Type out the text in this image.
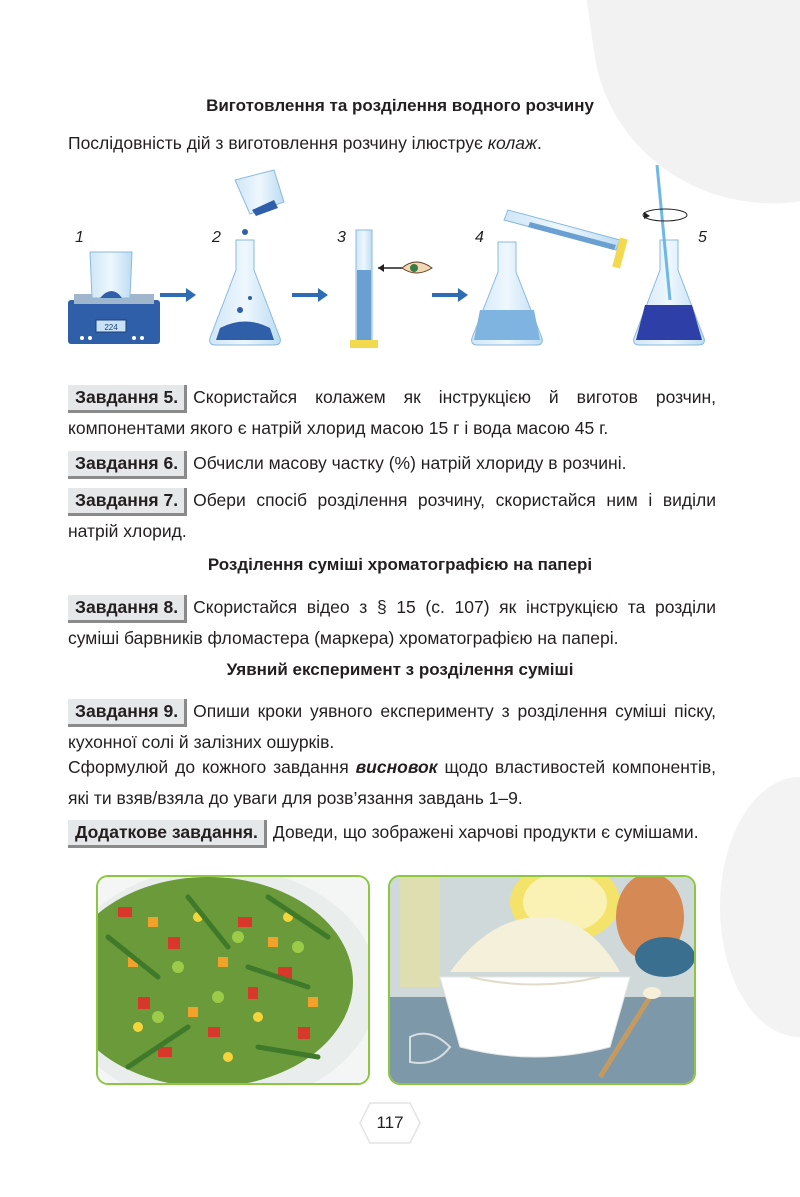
Виготовлення та розділення водного розчину
Послідовність дій з виготовлення розчину ілюструє колаж.
1	2	3	4	5
224
Завдання 5. Скористайся колажем як інструкцією й виготов розчин, компонентами якого є натрій хлорид масою 15 г і вода масою 45 г.
Завдання 6. Обчисли масову частку (%) натрій хлориду в розчині.
Завдання 7. Обери спосіб розділення розчину, скористайся ним і виділи натрій хлорид.
Розділення суміші хроматографією на папері
Завдання 8. Скористайся відео з § 15 (с. 107) як інструкцією та розділи суміші барвників фломастера (маркера) хроматографією на папері.
Уявний експеримент з розділення суміші
Завдання 9. Опиши кроки уявного експерименту з розділення суміші піску, кухонної солі й залізних ошурків.
Сформулюй до кожного завдання висновок щодо властивостей компонентів, які ти взяв/взяла до уваги для розв’язання завдань 1–9.
Додаткове завдання. Доведи, що зображені харчові продукти є сумішами.
117
